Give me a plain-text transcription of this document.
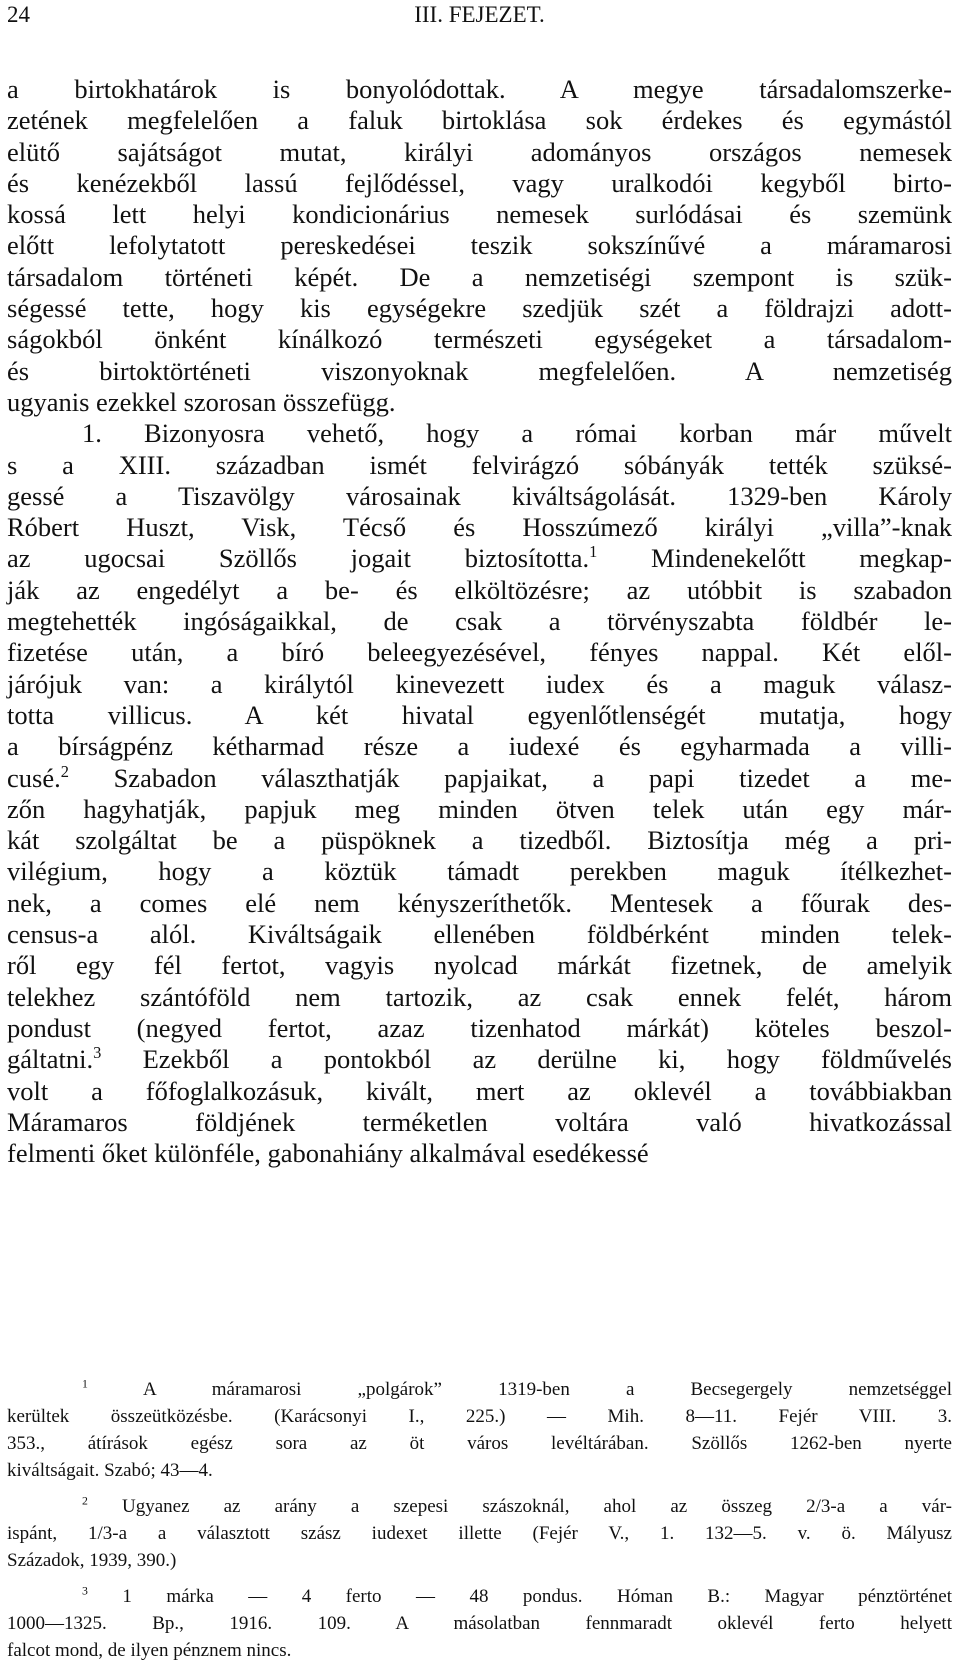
24	III. FEJEZET.
a birtokhatárok is bonyolódottak. A megye társadalomszerke-
zetének megfelelően a faluk birtoklása sok érdekes és egymástól
elütő sajátságot mutat, királyi adományos országos nemesek
és kenézekből lassú fejlődéssel, vagy uralkodói kegyből birto-
kossá lett helyi kondicionárius nemesek surlódásai és szemünk
előtt lefolytatott pereskedései teszik sokszínűvé a máramarosi
társadalom történeti képét. De a nemzetiségi szempont is szük-
ségessé tette, hogy kis egységekre szedjük szét a földrajzi adott-
ságokból önként kínálkozó természeti egységeket a társadalom-
és birtoktörténeti viszonyoknak megfelelően. A nemzetiség
ugyanis ezekkel szorosan összefügg.
1. Bizonyosra vehető, hogy a római korban már művelt
s a XIII. században ismét felvirágzó sóbányák tették szüksé-
gessé a Tiszavölgy városainak kiváltságolását. 1329-ben Károly
Róbert Huszt, Visk, Técső és Hosszúmező királyi „villa”-knak
az ugocsai Szöllős jogait biztosította.$^1$ Mindenekelőtt megkap-
ják az engedélyt a be- és elköltözésre; az utóbbit is szabadon
megtehették ingóságaikkal, de csak a törvényszabta földbér le-
fizetése után, a bíró beleegyezésével, fényes nappal. Két elől-
járójuk van: a királytól kinevezett iudex és a maguk válasz-
totta villicus. A két hivatal egyenlőtlenségét mutatja, hogy
a bírságpénz kétharmad része a iudexé és egyharmada a villi-
cusé.$^2$ Szabadon választhatják papjaikat, a papi tizedet a me-
zőn hagyhatják, papjuk meg minden ötven telek után egy már-
kát szolgáltat be a püspöknek a tizedből. Biztosítja még a pri-
vilégium, hogy a köztük támadt perekben maguk ítélkezhet-
nek, a comes elé nem kényszeríthetők. Mentesek a főurak des-
census-a alól. Kiváltságaik ellenében földbérként minden telek-
ről egy fél fertot, vagyis nyolcad márkát fizetnek, de amelyik
telekhez szántóföld nem tartozik, az csak ennek felét, három
pondust (negyed fertot, azaz tizenhatod márkát) köteles beszol-
gáltatni.$^3$ Ezekből a pontokból az derülne ki, hogy földművelés
volt a főfoglalkozásuk, kivált, mert az oklevél a továbbiakban
Máramaros földjének terméketlen voltára való hivatkozással
felmenti őket különféle, gabonahiány alkalmával esedékessé
$^1$	A máramarosi „polgárok” 1319-ben a Becsegergely nemzetséggel
kerültek összeütközésbe. (Karácsonyi I., 225.) — Mih. 8—11. Fejér VIII. 3.
353., átírások egész sora az öt város levéltárában. Szöllős 1262-ben nyerte
kiváltságait. Szabó; 43—4.
$^2$ Ugyanez az arány a szepesi szászoknál, ahol az összeg 2/3-a a vár-
ispánt, 1/3-a a választott szász iudexet illette (Fejér V., 1. 132—5. v. ö. Mályusz
Századok, 1939, 390.)
$^3$ 1 márka — 4 ferto — 48 pondus. Hóman B.: Magyar pénztörténet
1000—1325. Bp., 1916. 109. A másolatban fennmaradt oklevél ferto helyett
falcot mond, de ilyen pénznem nincs.
